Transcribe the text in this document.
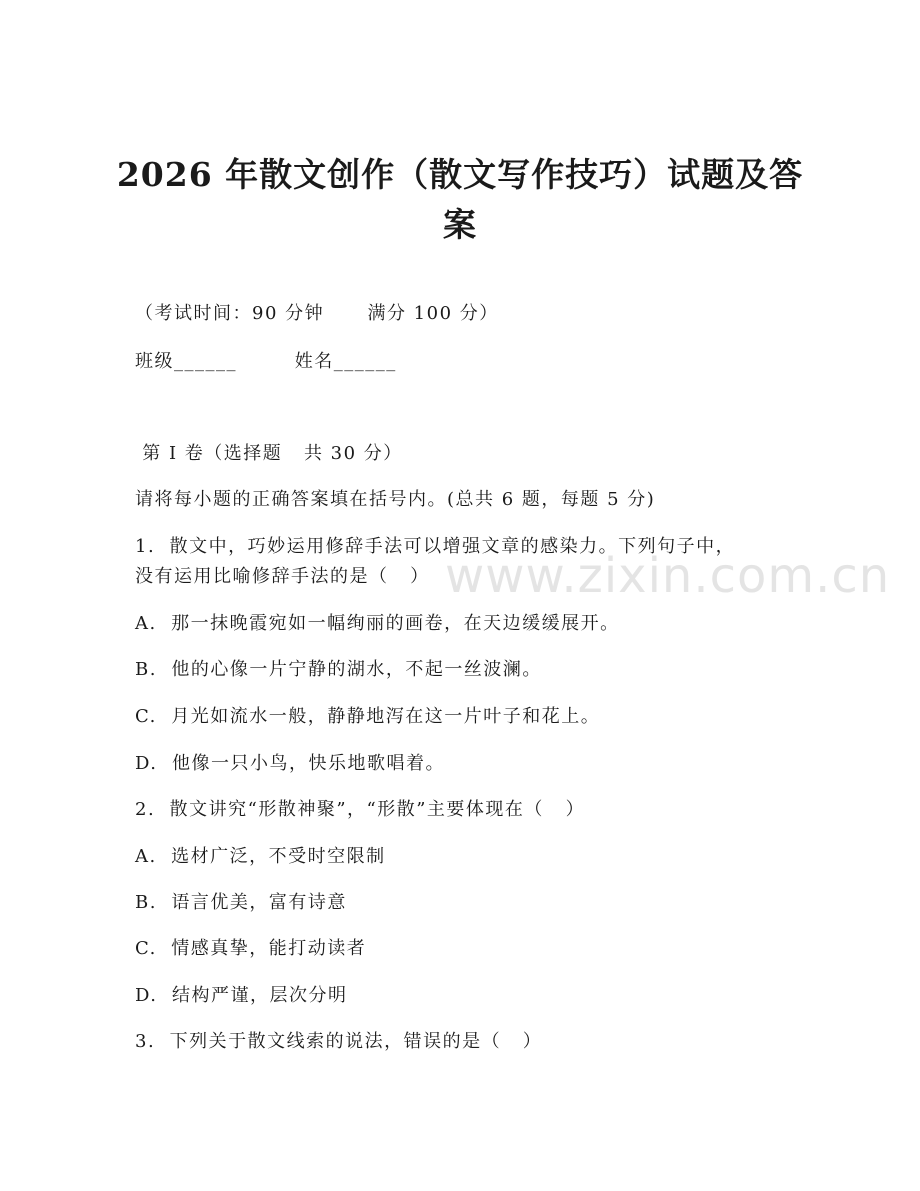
2026 年散文创作（散文写作技巧）试题及答案
（考试时间：90 分钟      满分 100 分）
班级______        姓名______
第 I 卷（选择题   共 30 分）
请将每小题的正确答案填在括号内。(总共 6 题，每题 5 分)
1.  散文中，巧妙运用修辞手法可以增强文章的感染力。下列句子中，
没有运用比喻修辞手法的是（   ）
A.  那一抹晚霞宛如一幅绚丽的画卷，在天边缓缓展开。
B.  他的心像一片宁静的湖水，不起一丝波澜。
C.  月光如流水一般，静静地泻在这一片叶子和花上。
D.  他像一只小鸟，快乐地歌唱着。
2.  散文讲究“形散神聚”，“形散”主要体现在（   ）
A.  选材广泛，不受时空限制
B.  语言优美，富有诗意
C.  情感真挚，能打动读者
D.  结构严谨，层次分明
3.  下列关于散文线索的说法，错误的是（   ）
www.zixin.com.cn
